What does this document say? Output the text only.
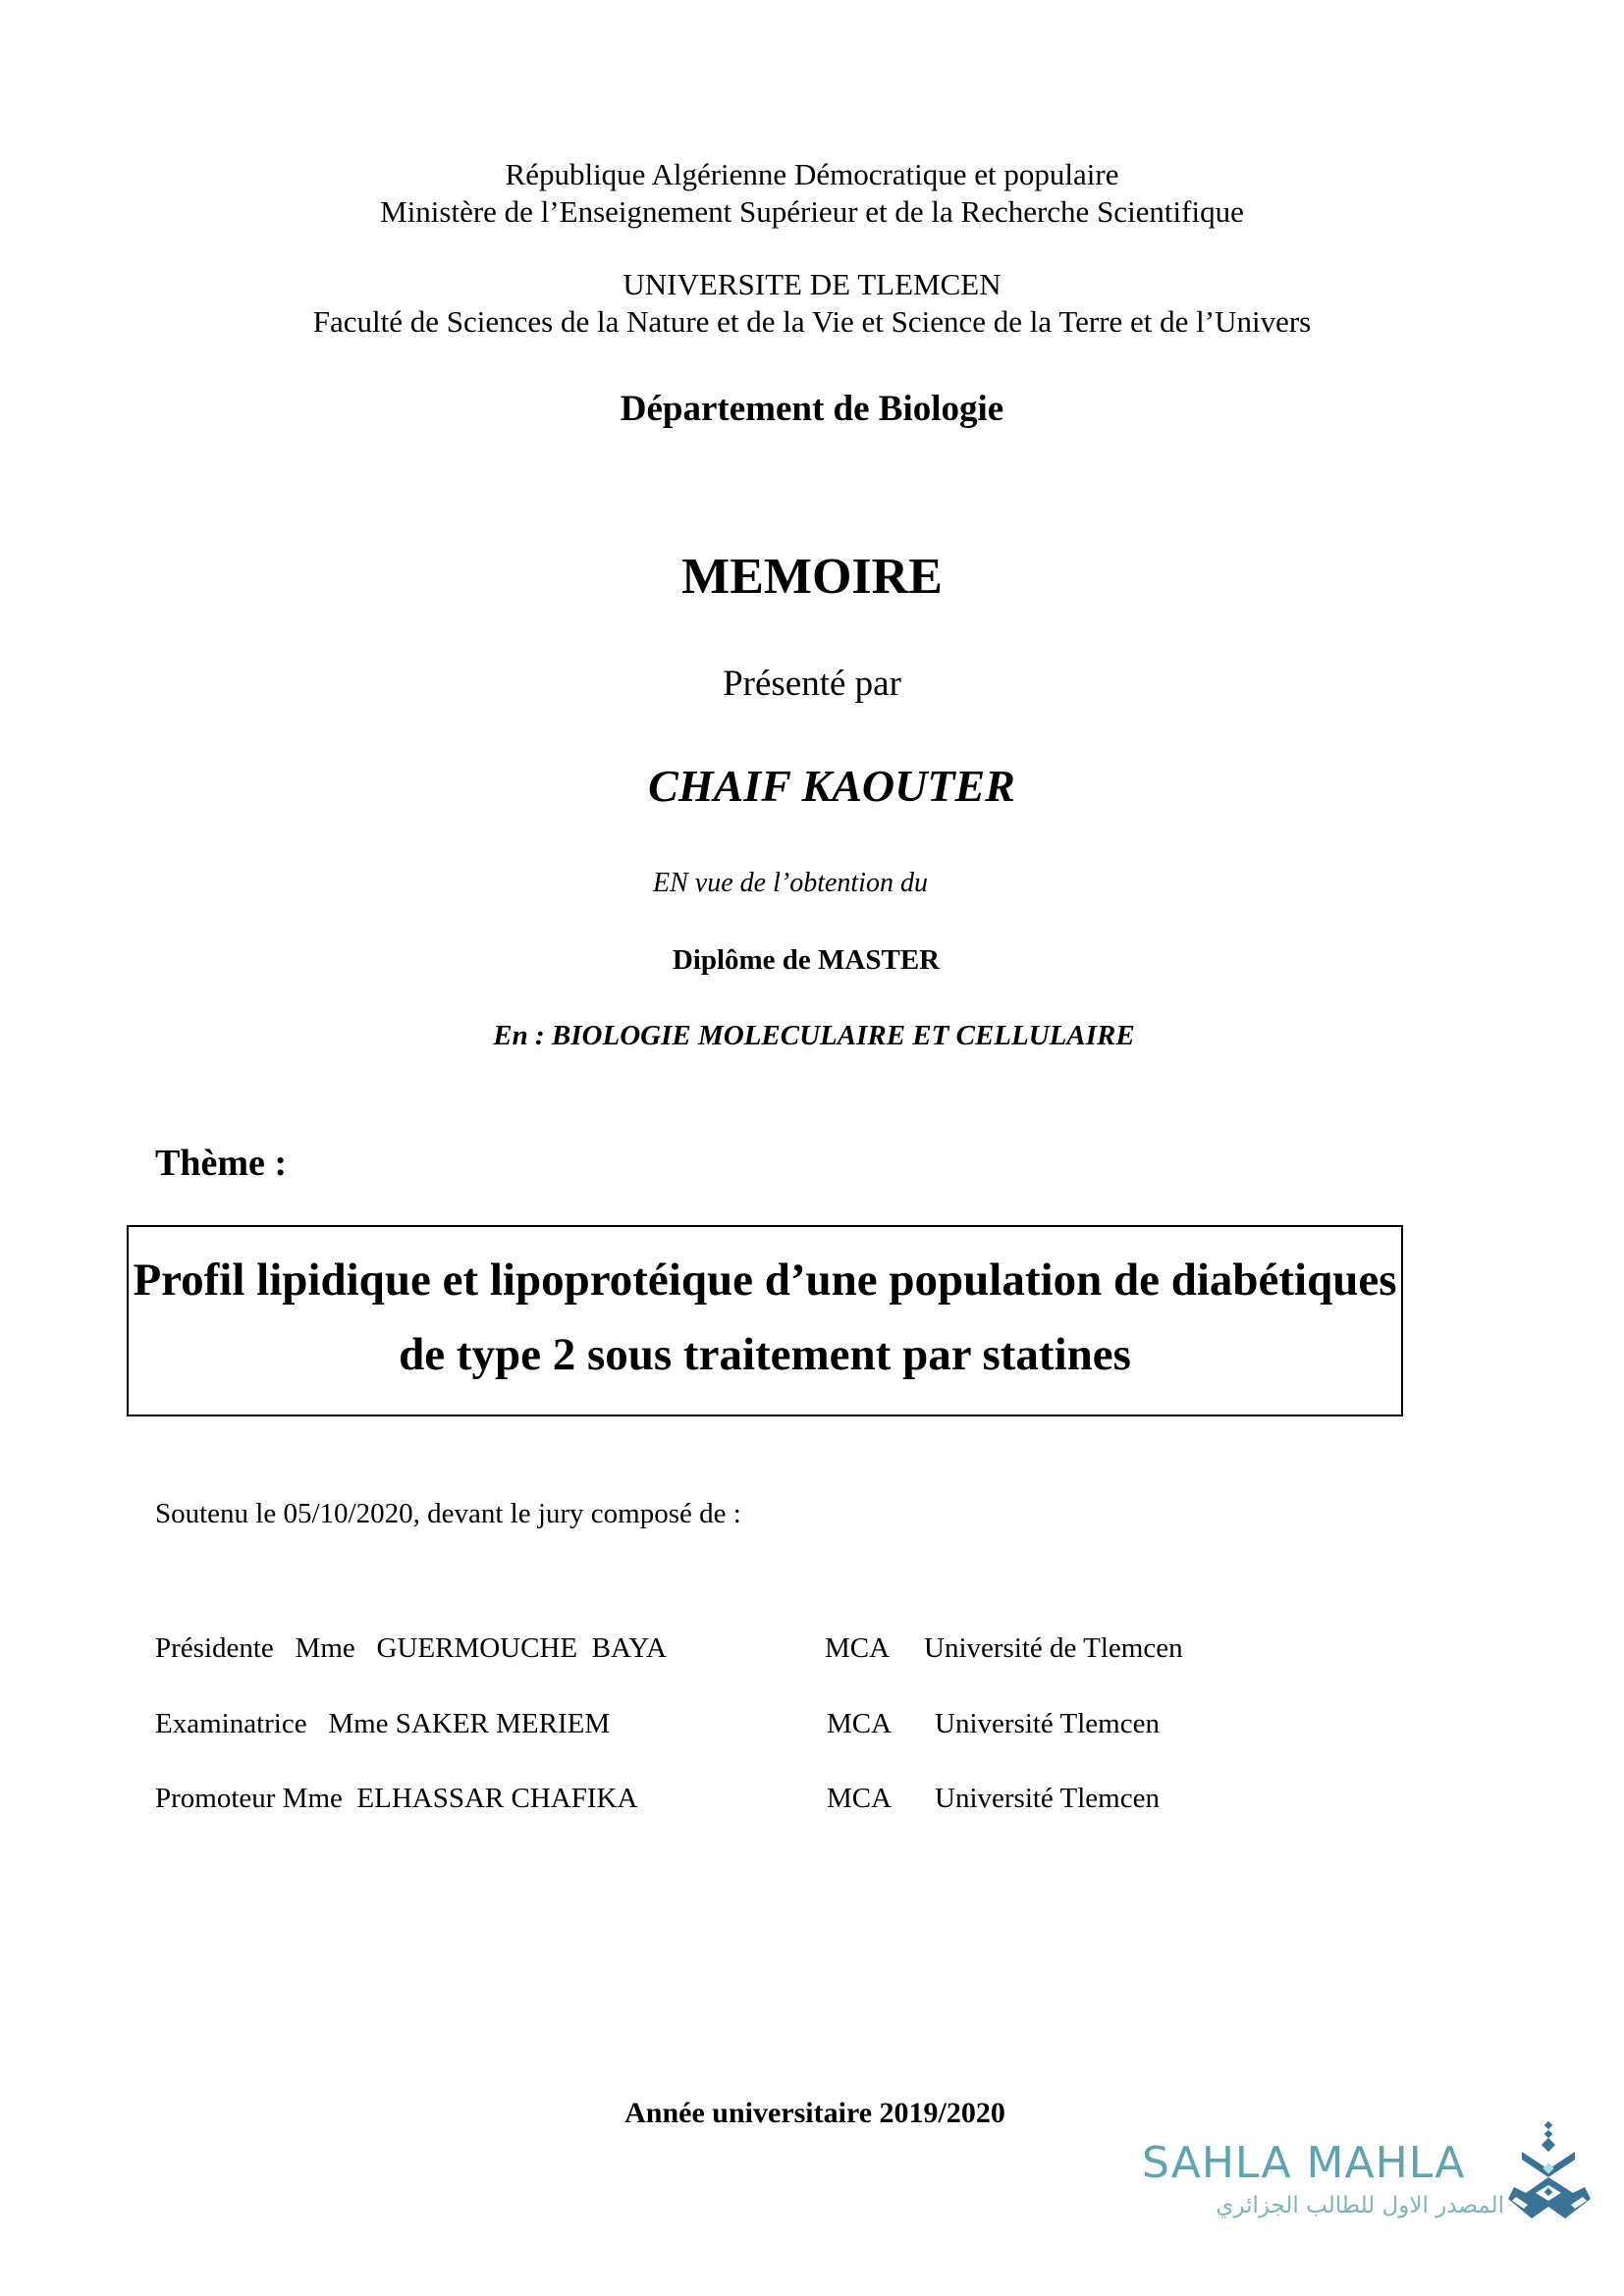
République Algérienne Démocratique et populaire
Ministère de l’Enseignement Supérieur et de la Recherche Scientifique
UNIVERSITE DE TLEMCEN
Faculté de Sciences de la Nature et de la Vie et Science de la Terre et de l’Univers
Département de Biologie
MEMOIRE
Présenté par
CHAIF KAOUTER
EN vue de l’obtention du
Diplôme de MASTER
En : BIOLOGIE MOLECULAIRE ET CELLULAIRE
Thème :
Profil lipidique et lipoprotéique d’une population de diabétiques de type 2 sous traitement par statines
Soutenu le 05/10/2020, devant le jury composé de :
Présidente   Mme   GUERMOUCHE  BAYA	MCA Université de Tlemcen
Examinatrice   Mme SAKER MERIEM	MCA Université Tlemcen
Promoteur Mme  ELHASSAR CHAFIKA	MCA Université Tlemcen
Année universitaire 2019/2020
SAHLA MAHLA
المصدر الاول للطالب الجزائري
